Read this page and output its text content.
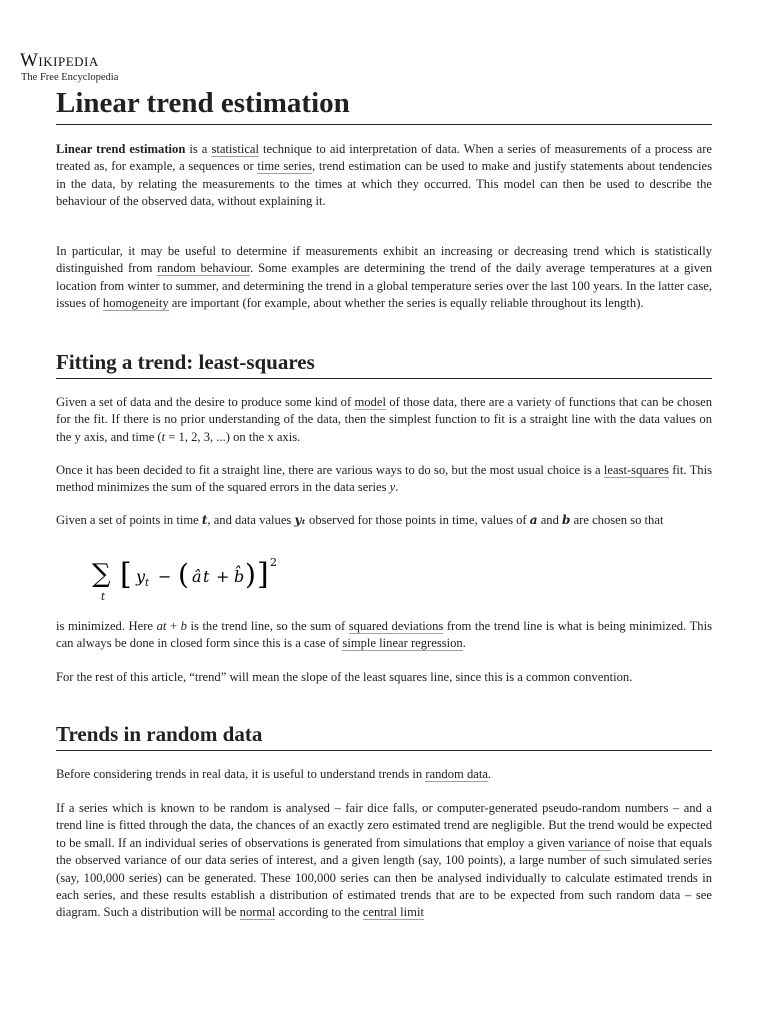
Wikipedia
The Free Encyclopedia
Linear trend estimation

Linear trend estimation is a statistical technique to aid interpretation of data. When a series of measurements of a process are treated as, for example, a sequences or time series, trend estimation can be used to make and justify statements about tendencies in the data, by relating the measurements to the times at which they occurred. This model can then be used to describe the behaviour of the observed data, without explaining it.

In particular, it may be useful to determine if measurements exhibit an increasing or decreasing trend which is statistically distinguished from random behaviour. Some examples are determining the trend of the daily average temperatures at a given location from winter to summer, and determining the trend in a global temperature series over the last 100 years. In the latter case, issues of homogeneity are important (for example, about whether the series is equally reliable throughout its length).

Fitting a trend: least-squares

Given a set of data and the desire to produce some kind of model of those data, there are a variety of functions that can be chosen for the fit. If there is no prior understanding of the data, then the simplest function to fit is a straight line with the data values on the y axis, and time (t = 1, 2, 3, ...) on the x axis.

Once it has been decided to fit a straight line, there are various ways to do so, but the most usual choice is a least-squares fit. This method minimizes the sum of the squared errors in the data series y.

Given a set of points in time t, and data values yₜ observed for those points in time, values of a and b are chosen so that

∑
t
[ y t − ( â t + b̂ ) ] 2

is minimized. Here at + b is the trend line, so the sum of squared deviations from the trend line is what is being minimized. This can always be done in closed form since this is a case of simple linear regression.

For the rest of this article, “trend” will mean the slope of the least squares line, since this is a common convention.

Trends in random data

Before considering trends in real data, it is useful to understand trends in random data.

If a series which is known to be random is analysed – fair dice falls, or computer-generated pseudo-random numbers – and a trend line is fitted through the data, the chances of an exactly zero estimated trend are negligible. But the trend would be expected to be small. If an individual series of observations is generated from simulations that employ a given variance of noise that equals the observed variance of our data series of interest, and a given length (say, 100 points), a large number of such simulated series (say, 100,000 series) can be generated. These 100,000 series can then be analysed individually to calculate estimated trends in each series, and these results establish a distribution of estimated trends that are to be expected from such random data – see diagram. Such a distribution will be normal according to the central limit
